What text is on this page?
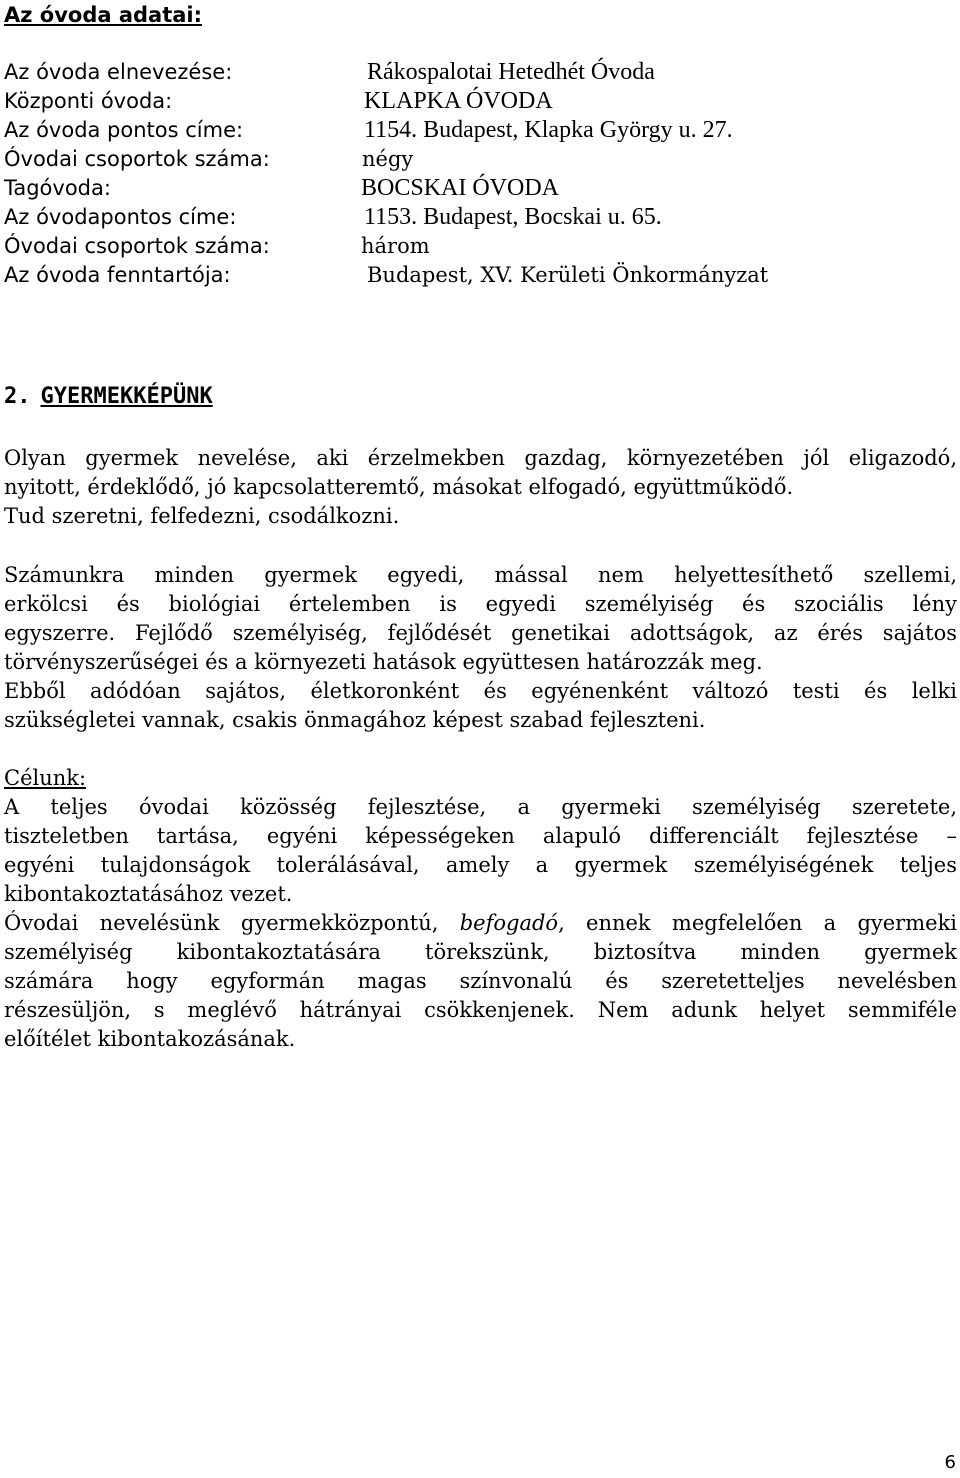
Az óvoda adatai:
Az óvoda elnevezése:	Rákospalotai Hetedhét Óvoda
Központi óvoda:	KLAPKA ÓVODA
Az óvoda pontos címe:	1154. Budapest, Klapka György u. 27.
Óvodai csoportok száma:	négy
Tagóvoda:	BOCSKAI ÓVODA
Az óvodapontos címe:	1153. Budapest, Bocskai u. 65.
Óvodai csoportok száma:	három
Az óvoda fenntartója:	Budapest, XV. Kerületi Önkormányzat
2. GYERMEKKÉPÜNK
Olyan gyermek nevelése, aki érzelmekben gazdag, környezetében jól eligazodó,
nyitott, érdeklődő, jó kapcsolatteremtő, másokat elfogadó, együttműködő.
Tud szeretni, felfedezni, csodálkozni.
Számunkra minden gyermek egyedi, mással nem helyettesíthető szellemi,
erkölcsi és biológiai értelemben is egyedi személyiség és szociális lény
egyszerre. Fejlődő személyiség, fejlődését genetikai adottságok, az érés sajátos
törvényszerűségei és a környezeti hatások együttesen határozzák meg.
Ebből adódóan sajátos, életkoronként és egyénenként változó testi és lelki
szükségletei vannak, csakis önmagához képest szabad fejleszteni.
Célunk:
A teljes óvodai közösség fejlesztése, a gyermeki személyiség szeretete,
tiszteletben tartása, egyéni képességeken alapuló differenciált fejlesztése –
egyéni tulajdonságok tolerálásával, amely a gyermek személyiségének teljes
kibontakoztatásához vezet.
Óvodai nevelésünk gyermekközpontú, befogadó, ennek megfelelően a gyermeki
személyiség kibontakoztatására törekszünk, biztosítva minden gyermek
számára hogy egyformán magas színvonalú és szeretetteljes nevelésben
részesüljön, s meglévő hátrányai csökkenjenek. Nem adunk helyet semmiféle
előítélet kibontakozásának.
6
